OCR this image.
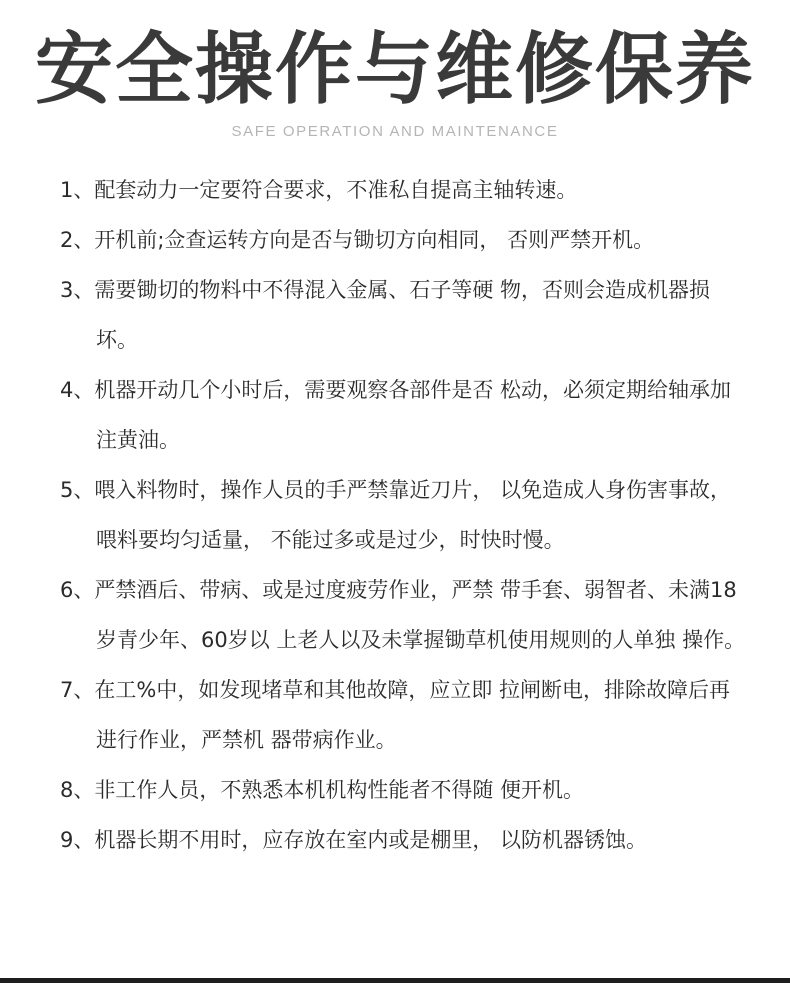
安全操作与维修保养
SAFE OPERATION AND MAINTENANCE
1、配套动力一定要符合要求，不准私自提高主轴转速。
2、开机前;佥查运转方向是否与锄切方向相同， 否则严禁开机。
3、需要锄切的物料中不得混入金属、石子等硬 物，否则会造成机器损坏。
4、机器开动几个小时后，需要观察各部件是否 松动，必须定期给轴承加注黄油。
5、喂入料物时，操作人员的手严禁靠近刀片， 以免造成人身伤害事故，喂料要均匀适量， 不能过多或是过少，时快时慢。
6、严禁酒后、带病、或是过度疲劳作业，严禁 带手套、弱智者、未满18岁青少年、60岁以 上老人以及未掌握锄草机使用规则的人单独 操作。
7、在工%中，如发现堵草和其他故障，应立即 拉闸断电，排除故障后再进行作业，严禁机 器带病作业。
8、非工作人员，不熟悉本机机构性能者不得随 便开机。
9、机器长期不用时，应存放在室内或是棚里， 以防机器锈蚀。
